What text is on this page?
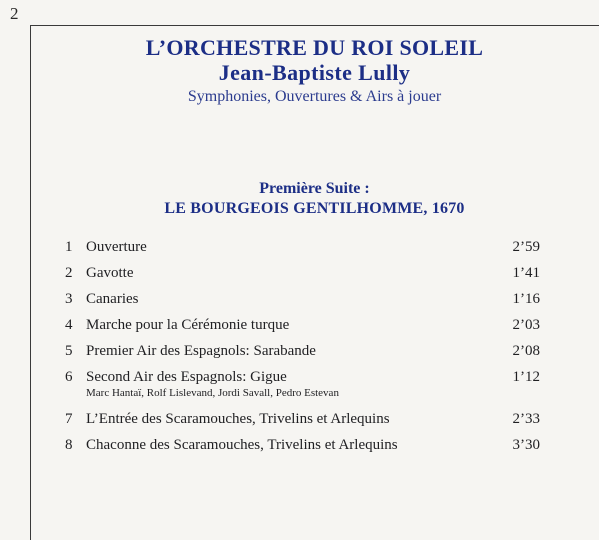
2
L’ORCHESTRE DU ROI SOLEIL
Jean-Baptiste Lully
Symphonies, Ouvertures & Airs à jouer
Première Suite :
LE BOURGEOIS GENTILHOMME, 1670
1 Ouverture	2’59
2 Gavotte	1’41
3 Canaries	1’16
4 Marche pour la Cérémonie turque	2’03
5 Premier Air des Espagnols: Sarabande	2’08
6 Second Air des Espagnols: Gigue	1’12
Marc Hantaï, Rolf Lislevand, Jordi Savall, Pedro Estevan
7 L’Entrée des Scaramouches, Trivelins et Arlequins	2’33
8 Chaconne des Scaramouches, Trivelins et Arlequins	3’30
